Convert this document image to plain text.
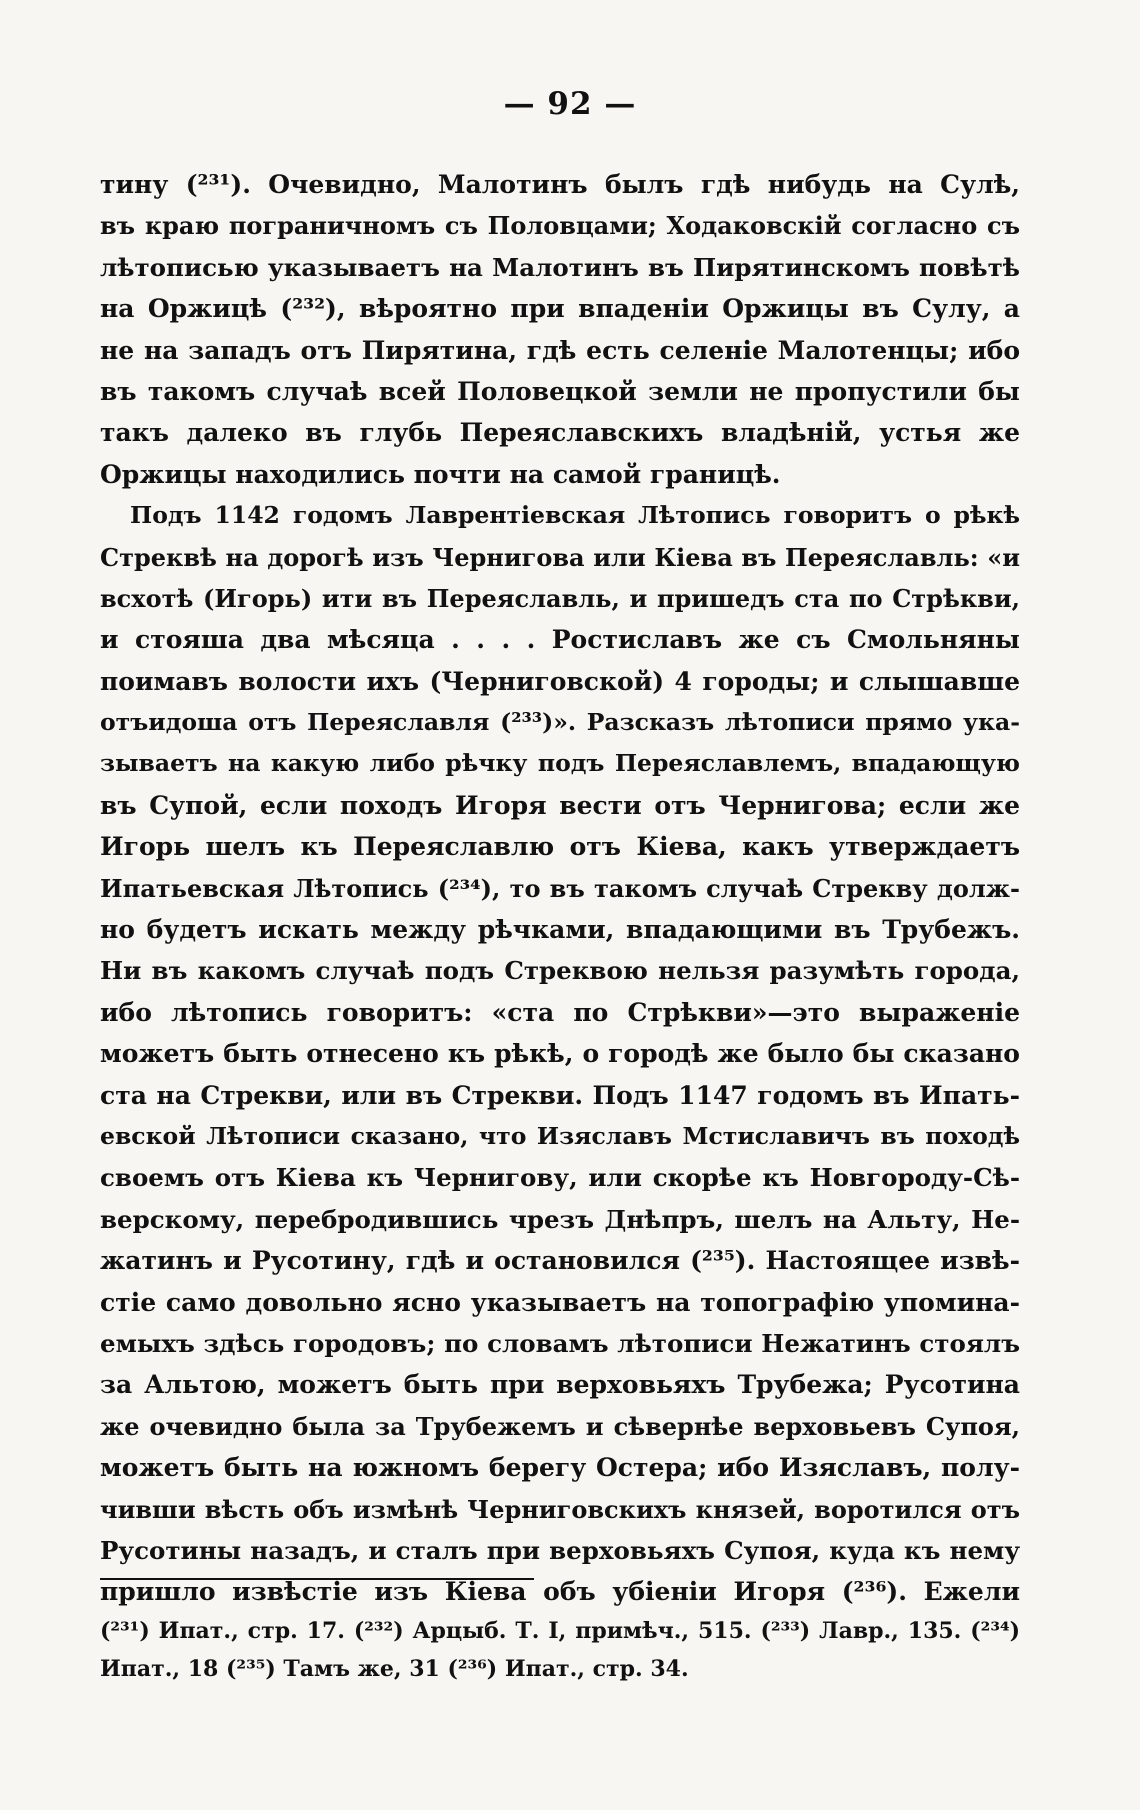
— 92 —
тину (²³¹). Очевидно, Малотинъ былъ гдѣ нибудь на Сулѣ,
въ краю пограничномъ съ Половцами; Ходаковскій согласно съ
лѣтописью указываетъ на Малотинъ въ Пирятинскомъ повѣтѣ
на Оржицѣ (²³²), вѣроятно при впаденіи Оржицы въ Сулу, а
не на западъ отъ Пирятина, гдѣ есть селеніе Малотенцы; ибо
въ такомъ случаѣ всей Половецкой земли не пропустили бы
такъ далеко въ глубь Переяславскихъ владѣній, устья же
Оржицы находились почти на самой границѣ.
Подъ 1142 годомъ Лаврентіевская Лѣтопись говоритъ о рѣкѣ
Стреквѣ на дорогѣ изъ Чернигова или Кіева въ Переяславль: «и
всхотѣ (Игорь) ити въ Переяславль, и пришедъ ста по Стрѣкви,
и стояша два мѣсяца . . . . Ростиславъ же съ Смольняны
поимавъ волости ихъ (Черниговской) 4 городы; и слышавше
отъидоша отъ Переяславля (²³³)». Разсказъ лѣтописи прямо ука-
зываетъ на какую либо рѣчку подъ Переяславлемъ, впадающую
въ Супой, если походъ Игоря вести отъ Чернигова; если же
Игорь шелъ къ Переяславлю отъ Кіева, какъ утверждаетъ
Ипатьевская Лѣтопись (²³⁴), то въ такомъ случаѣ Стрекву долж-
но будетъ искать между рѣчками, впадающими въ Трубежъ.
Ни въ какомъ случаѣ подъ Стреквою нельзя разумѣть города,
ибо лѣтопись говоритъ: «ста по Стрѣкви»—это выраженіе
можетъ быть отнесено къ рѣкѣ, о городѣ же было бы сказано
ста на Стрекви, или въ Стрекви. Подъ 1147 годомъ въ Ипать-
евской Лѣтописи сказано, что Изяславъ Мстиславичъ въ походѣ
своемъ отъ Кіева къ Чернигову, или скорѣе къ Новгороду-Сѣ-
верскому, перебродившись чрезъ Днѣпръ, шелъ на Альту, Не-
жатинъ и Русотину, гдѣ и остановился (²³⁵). Настоящее извѣ-
стіе само довольно ясно указываетъ на топографію упомина-
емыхъ здѣсь городовъ; по словамъ лѣтописи Нежатинъ стоялъ
за Альтою, можетъ быть при верховьяхъ Трубежа; Русотина
же очевидно была за Трубежемъ и сѣвернѣе верховьевъ Супоя,
можетъ быть на южномъ берегу Остера; ибо Изяславъ, полу-
чивши вѣсть объ измѣнѣ Черниговскихъ князей, воротился отъ
Русотины назадъ, и сталъ при верховьяхъ Супоя, куда къ нему
пришло извѣстіе изъ Кіева объ убіеніи Игоря (²³⁶). Ежели
(²³¹) Ипат., стр. 17. (²³²) Арцыб. Т. I, примѣч., 515. (²³³) Лавр., 135. (²³⁴)
Ипат., 18 (²³⁵) Тамъ же, 31 (²³⁶) Ипат., стр. 34.
